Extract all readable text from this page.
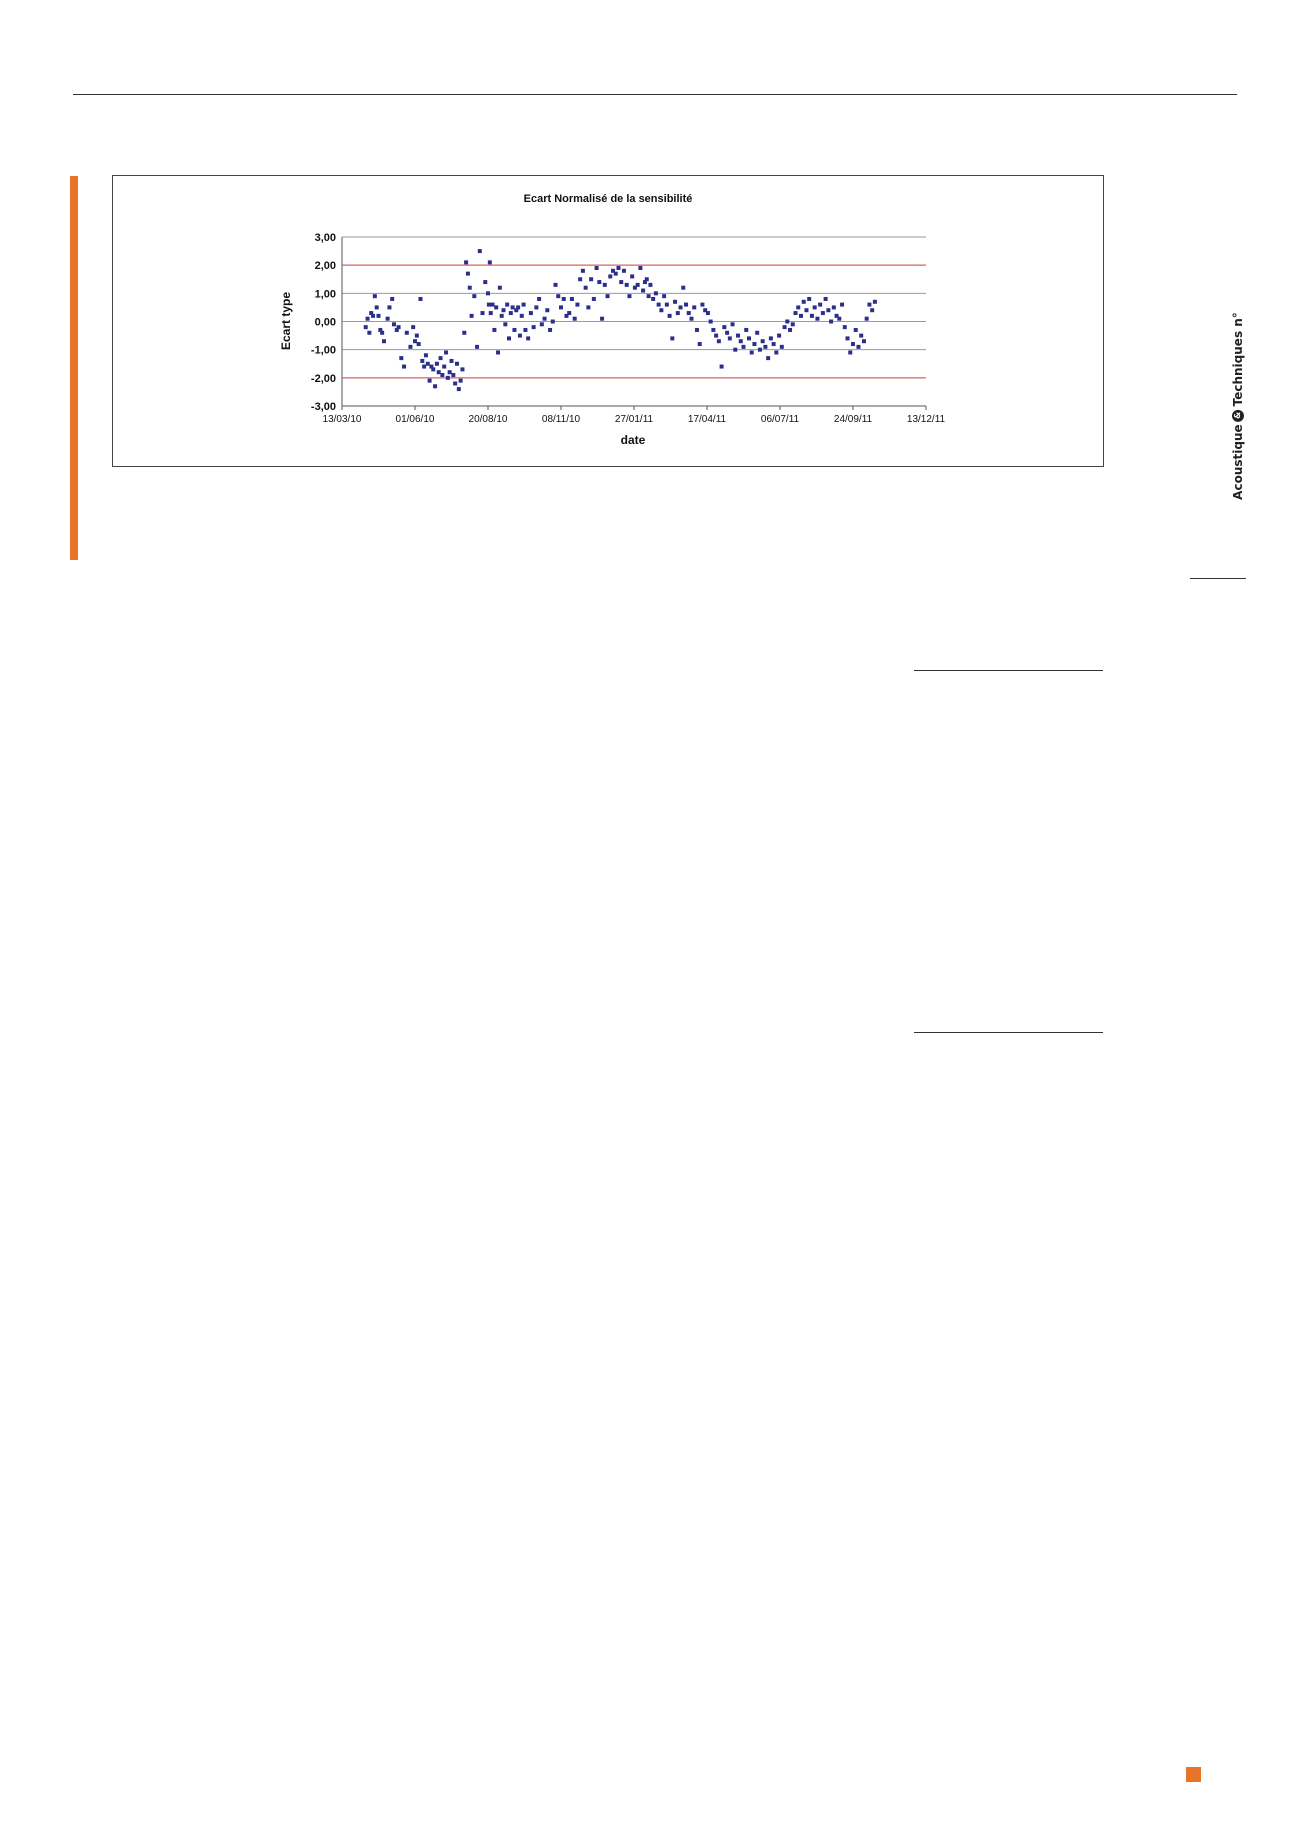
Ecart Normalisé de la sensibilité
3,00
2,00
1,00
0,00
-1,00
-2,00
-3,00
13/03/10	01/06/10	20/08/10	08/11/10	27/01/11	17/04/11	06/07/11	24/09/11	13/12/11
Ecart type
date	Acoustique
&
Techniques n°
